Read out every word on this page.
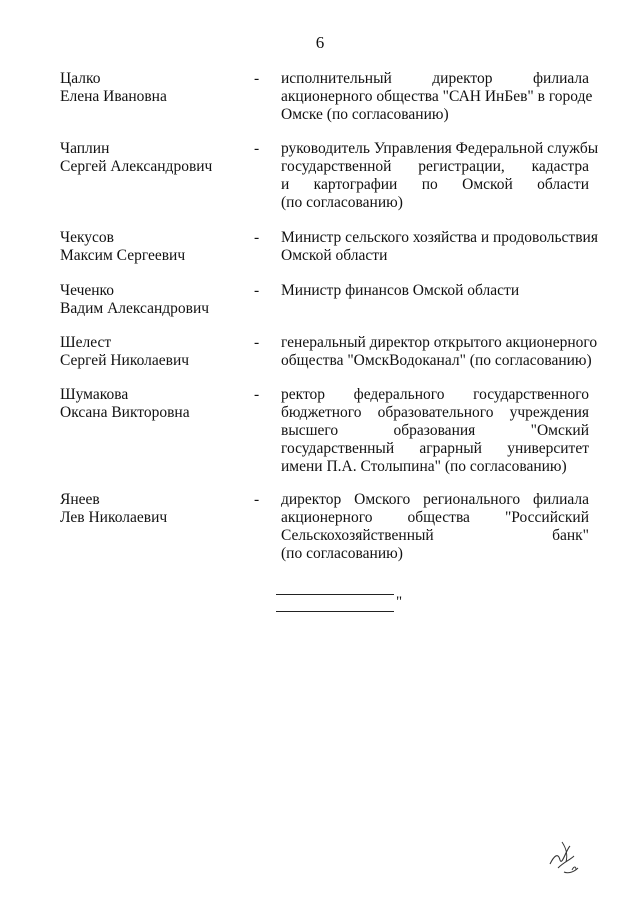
6
Цалко
Елена Ивановна
-	исполнительный директор филиала
акционерного общества "САН ИнБев" в городе
Омске (по согласованию)
Чаплин
Сергей Александрович
-	руководитель Управления Федеральной службы
государственной регистрации, кадастра
и картографии по Омской области
(по согласованию)
Чекусов
Максим Сергеевич
-	Министр сельского хозяйства и продовольствия
Омской области
Чеченко
Вадим Александрович
-	Министр финансов Омской области
Шелест
Сергей Николаевич
-	генеральный директор открытого акционерного
общества "ОмскВодоканал" (по согласованию)
Шумакова
Оксана Викторовна
-	ректор федерального государственного
бюджетного образовательного учреждения
высшего образования "Омский
государственный аграрный университет
имени П.А. Столыпина" (по согласованию)
Янеев
Лев Николаевич
-	директор Омского регионального филиала
акционерного общества "Российский
Сельскохозяйственный банк"
(по согласованию)
"
